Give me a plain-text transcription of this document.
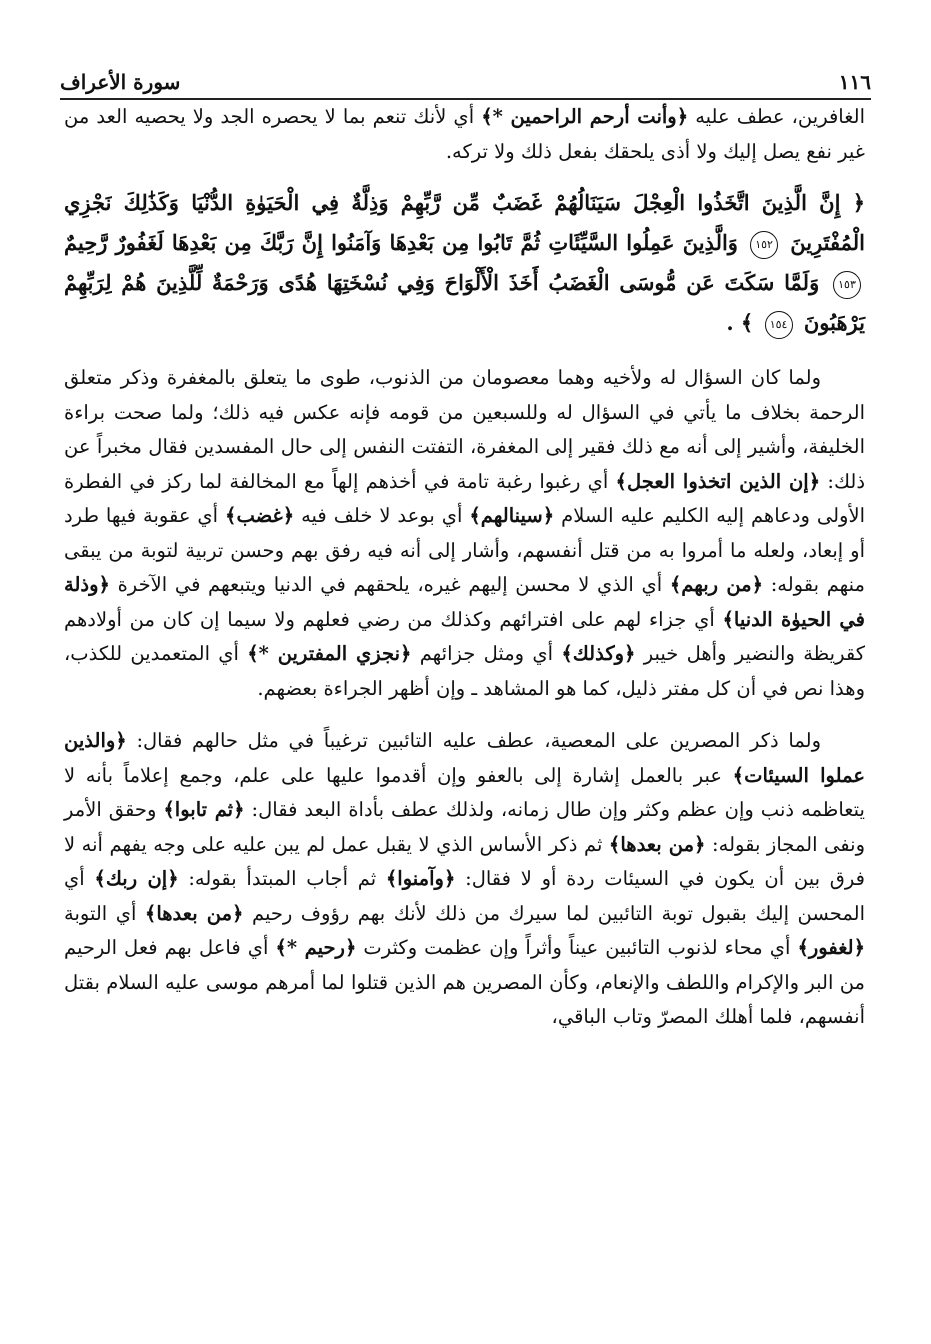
١١٦
سورة الأعراف

الغافرين، عطف عليه ﴿وأنت أرحم الراحمين *﴾ أي لأنك تنعم بما لا يحصره الجد ولا يحصيه العد من غير نفع يصل إليك ولا أذى يلحقك بفعل ذلك ولا تركه.

﴿ إِنَّ الَّذِينَ اتَّخَذُوا الْعِجْلَ سَيَنَالُهُمْ غَضَبٌ مِّن رَّبِّهِمْ وَذِلَّةٌ فِي الْحَيَوٰةِ الدُّنْيَا وَكَذَٰلِكَ نَجْزِي الْمُفْتَرِينَ ١٥٢ وَالَّذِينَ عَمِلُوا السَّيِّئَاتِ ثُمَّ تَابُوا مِن بَعْدِهَا وَآمَنُوا إِنَّ رَبَّكَ مِن بَعْدِهَا لَغَفُورٌ رَّحِيمٌ ١٥٣ وَلَمَّا سَكَتَ عَن مُّوسَى الْغَضَبُ أَخَذَ الْأَلْوَاحَ وَفِي نُسْخَتِهَا هُدًى وَرَحْمَةٌ لِّلَّذِينَ هُمْ لِرَبِّهِمْ يَرْهَبُونَ ١٥٤ ﴾ .

ولما كان السؤال له ولأخيه وهما معصومان من الذنوب، طوى ما يتعلق بالمغفرة وذكر متعلق الرحمة بخلاف ما يأتي في السؤال له وللسبعين من قومه فإنه عكس فيه ذلك؛ ولما صحت براءة الخليفة، وأشير إلى أنه مع ذلك فقير إلى المغفرة، التفتت النفس إلى حال المفسدين فقال مخبراً عن ذلك: ﴿إن الذين اتخذوا العجل﴾ أي رغبوا رغبة تامة في أخذهم إلهاً مع المخالفة لما ركز في الفطرة الأولى ودعاهم إليه الكليم عليه السلام ﴿سينالهم﴾ أي بوعد لا خلف فيه ﴿غضب﴾ أي عقوبة فيها طرد أو إبعاد، ولعله ما أمروا به من قتل أنفسهم، وأشار إلى أنه فيه رفق بهم وحسن تربية لتوبة من يبقى منهم بقوله: ﴿من ربهم﴾ أي الذي لا محسن إليهم غيره، يلحقهم في الدنيا ويتبعهم في الآخرة ﴿وذلة في الحيوٰة الدنيا﴾ أي جزاء لهم على افترائهم وكذلك من رضي فعلهم ولا سيما إن كان من أولادهم كقريظة والنضير وأهل خيبر ﴿وكذلك﴾ أي ومثل جزائهم ﴿نجزي المفترين *﴾ أي المتعمدين للكذب، وهذا نص في أن كل مفتر ذليل، كما هو المشاهد ـ وإن أظهر الجراءة بعضهم.

ولما ذكر المصرين على المعصية، عطف عليه التائبين ترغيباً في مثل حالهم فقال: ﴿والذين عملوا السيئات﴾ عبر بالعمل إشارة إلى بالعفو وإن أقدموا عليها على علم، وجمع إعلاماً بأنه لا يتعاظمه ذنب وإن عظم وكثر وإن طال زمانه، ولذلك عطف بأداة البعد فقال: ﴿ثم تابوا﴾ وحقق الأمر ونفى المجاز بقوله: ﴿من بعدها﴾ ثم ذكر الأساس الذي لا يقبل عمل لم يبن عليه على وجه يفهم أنه لا فرق بين أن يكون في السيئات ردة أو لا فقال: ﴿وآمنوا﴾ ثم أجاب المبتدأ بقوله: ﴿إن ربك﴾ أي المحسن إليك بقبول توبة التائبين لما سيرك من ذلك لأنك بهم رؤوف رحيم ﴿من بعدها﴾ أي التوبة ﴿لغفور﴾ أي محاء لذنوب التائبين عيناً وأثراً وإن عظمت وكثرت ﴿رحيم *﴾ أي فاعل بهم فعل الرحيم من البر والإكرام واللطف والإنعام، وكأن المصرين هم الذين قتلوا لما أمرهم موسى عليه السلام بقتل أنفسهم، فلما أهلك المصرّ وتاب الباقي،
